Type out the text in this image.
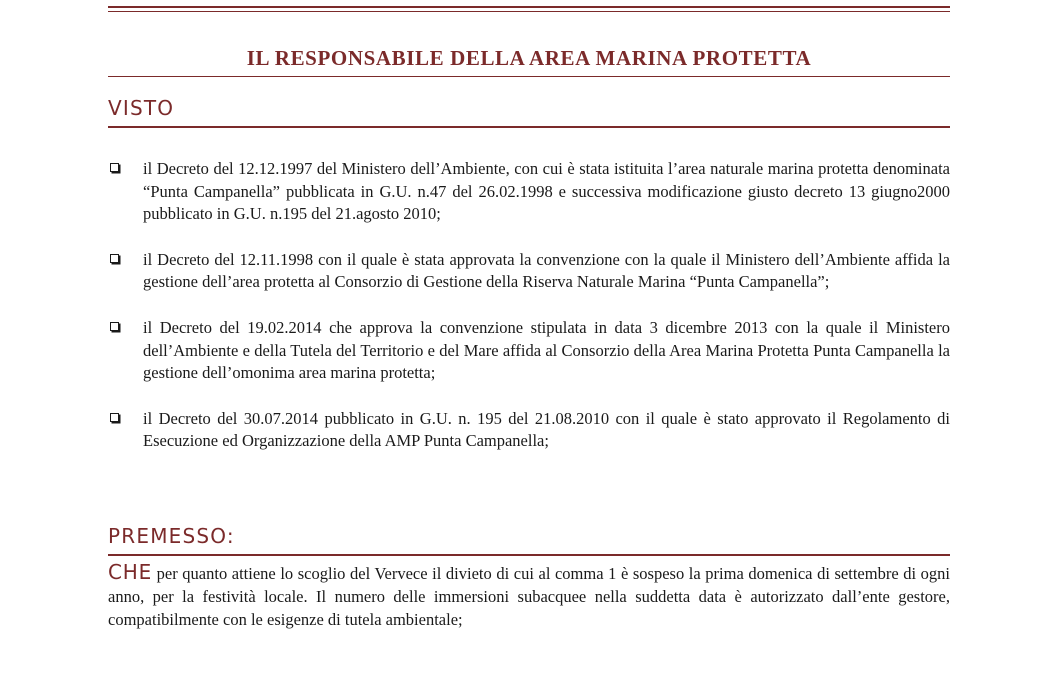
IL RESPONSABILE DELLA AREA MARINA PROTETTA
VISTO
il Decreto del 12.12.1997 del Ministero dell’Ambiente, con cui è stata istituita l’area naturale marina protetta denominata “Punta Campanella” pubblicata in G.U. n.47 del 26.02.1998 e successiva modificazione giusto decreto 13 giugno2000 pubblicato in G.U. n.195 del 21.agosto 2010;
il Decreto del 12.11.1998 con il quale è stata approvata la convenzione con la quale il Ministero dell’Ambiente affida la gestione dell’area protetta al Consorzio di Gestione della Riserva Naturale Marina “Punta Campanella”;
il Decreto del 19.02.2014 che approva la convenzione stipulata in data 3 dicembre 2013 con la quale il Ministero dell’Ambiente e della Tutela del Territorio e del Mare affida al Consorzio della Area Marina Protetta Punta Campanella la gestione dell’omonima area marina protetta;
il Decreto del 30.07.2014 pubblicato in G.U. n. 195 del 21.08.2010 con il quale è stato approvato il Regolamento di Esecuzione ed Organizzazione della AMP Punta Campanella;
PREMESSO:
CHE per quanto attiene lo scoglio del Vervece il divieto di cui al comma 1 è sospeso la prima domenica di settembre di ogni anno, per la festività locale. Il numero delle immersioni subacquee nella suddetta data è autorizzato dall’ente gestore, compatibilmente con le esigenze di tutela ambientale;
